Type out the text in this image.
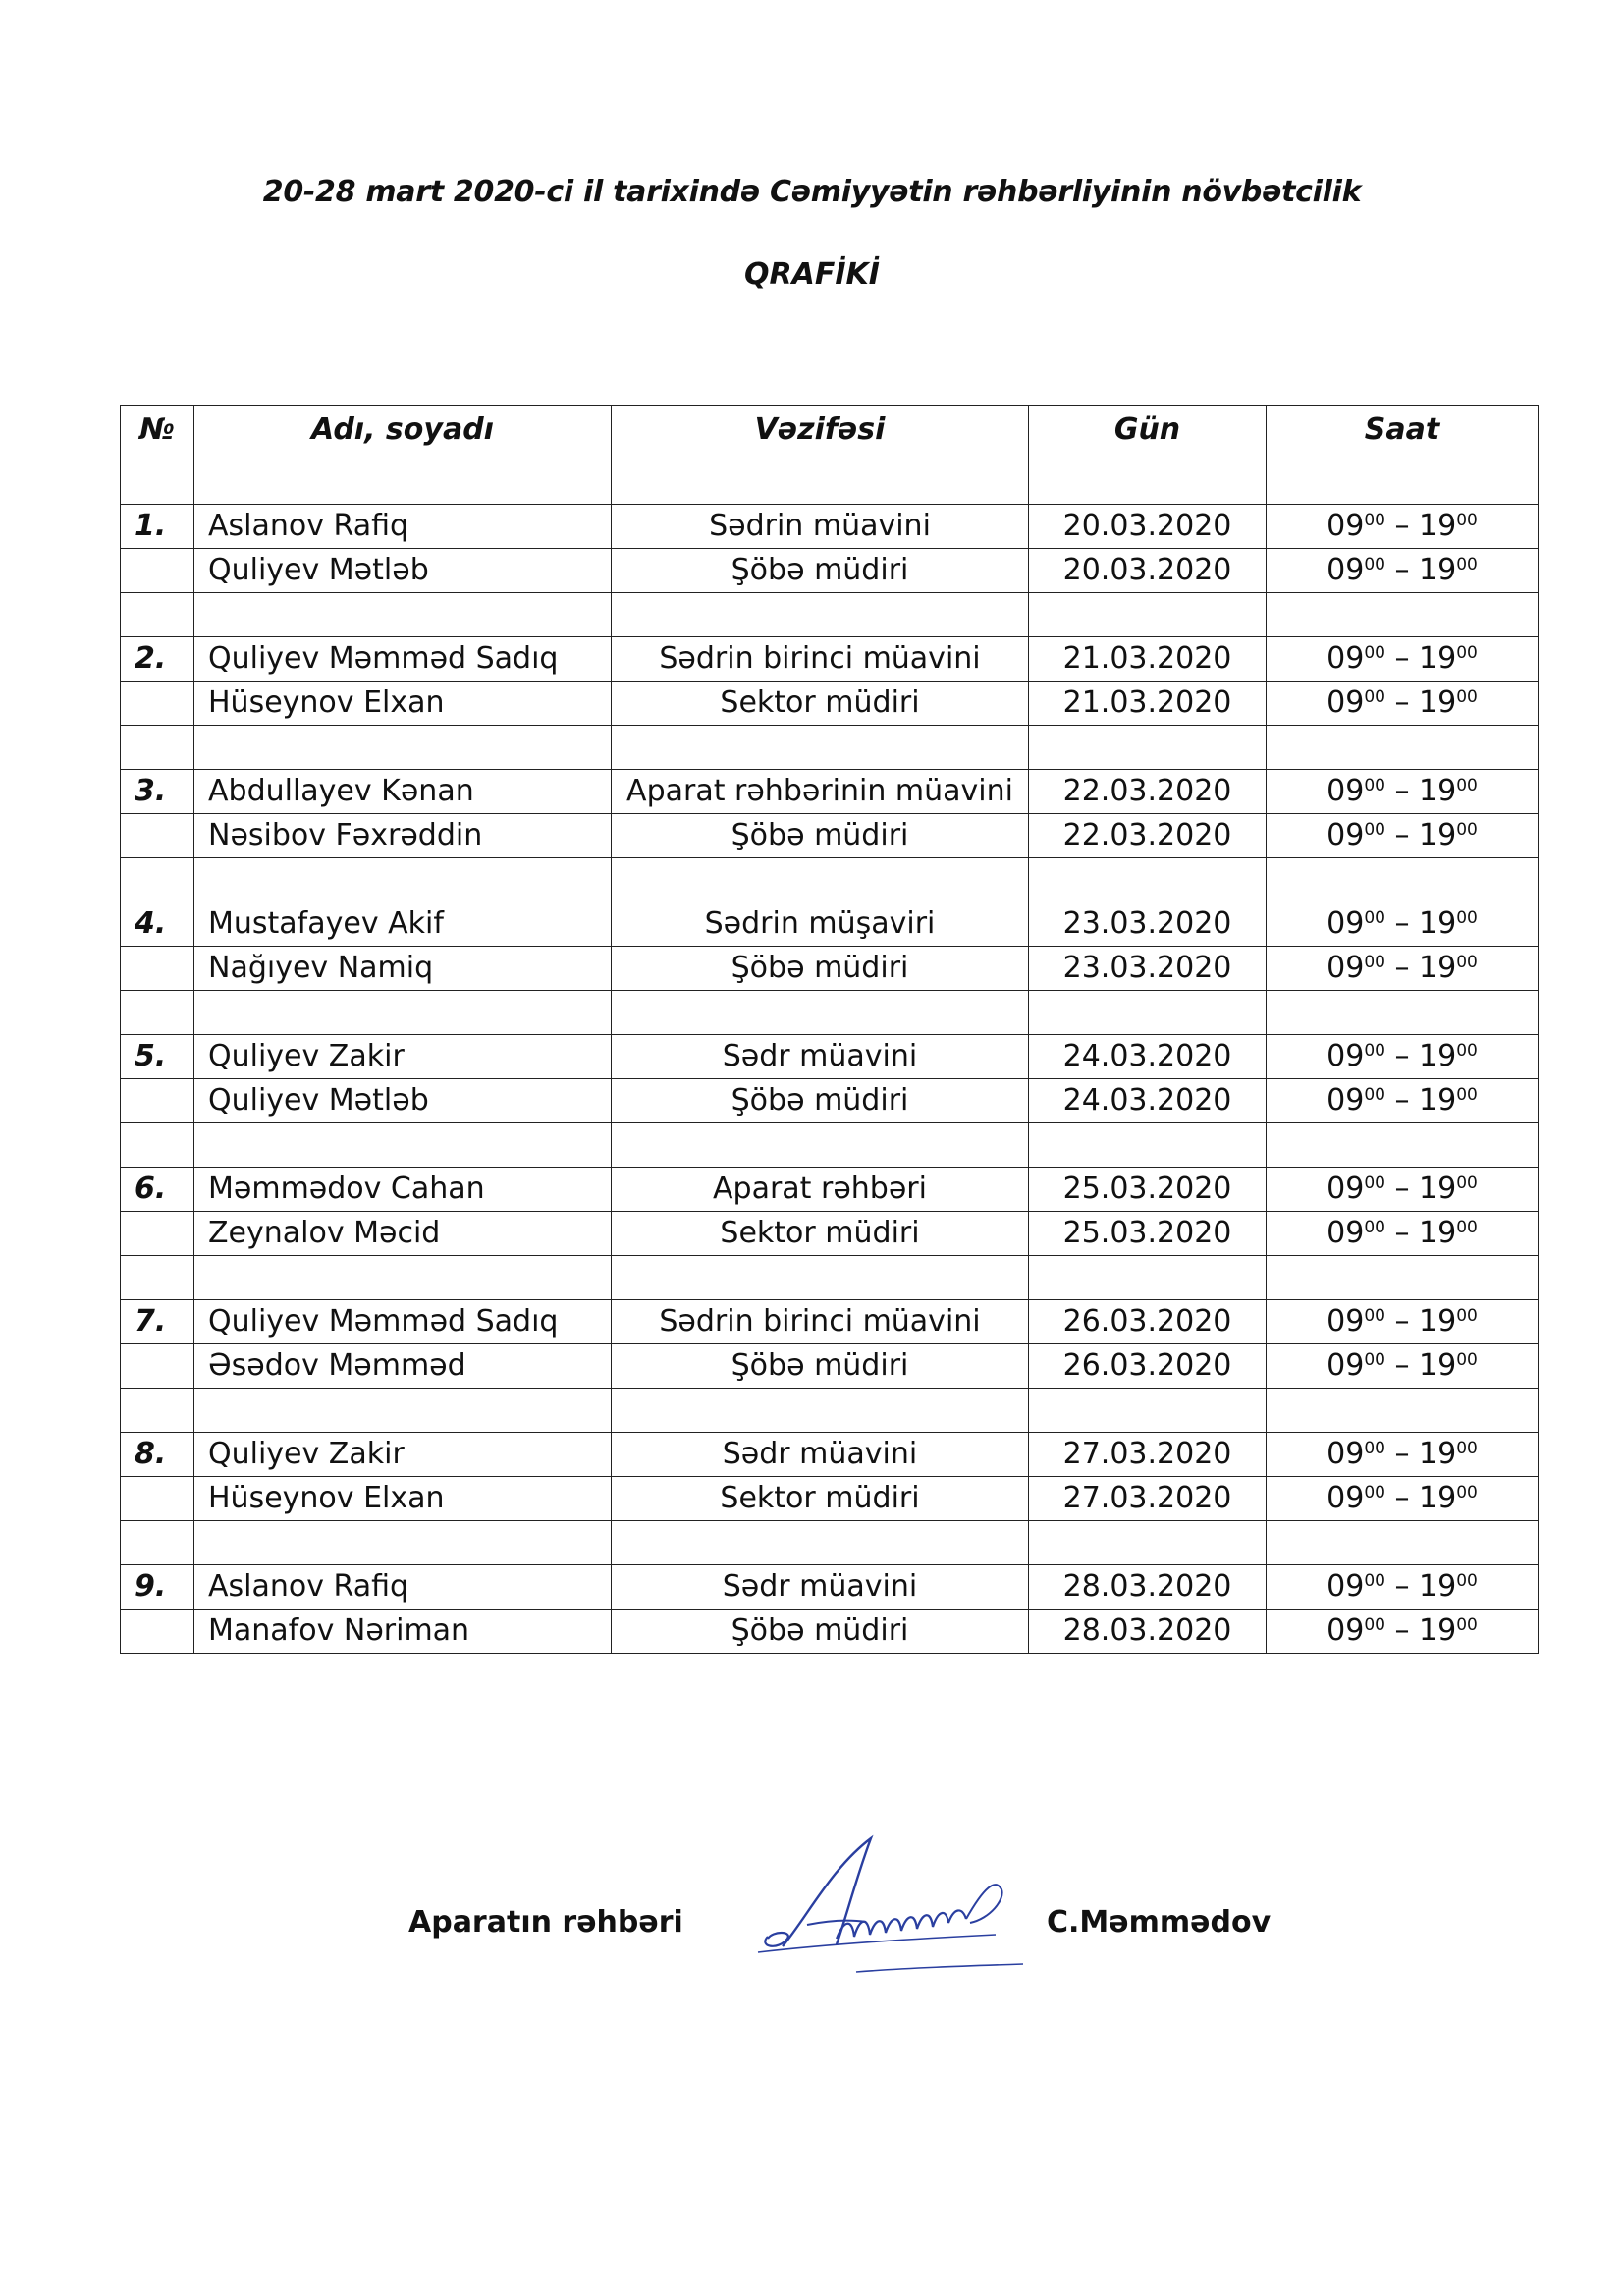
20-28 mart 2020-ci il tarixində Cəmiyyətin rəhbərliyinin növbətcilik
QRAFİKİ
№	Adı, soyadı	Vəzifəsi	Gün	Saat
1.	Aslanov Rafiq	Sədrin müavini	20.03.2020	$09^{00} - 19^{00}$
	Quliyev Mətləb	Şöbə müdiri	20.03.2020	$09^{00} - 19^{00}$

2.	Quliyev Məmməd Sadıq	Sədrin birinci müavini	21.03.2020	$09^{00} - 19^{00}$
	Hüseynov Elxan	Sektor müdiri	21.03.2020	$09^{00} - 19^{00}$

3.	Abdullayev Kənan	Aparat rəhbərinin müavini	22.03.2020	$09^{00} - 19^{00}$
	Nəsibov Fəxrəddin	Şöbə müdiri	22.03.2020	$09^{00} - 19^{00}$

4.	Mustafayev Akif	Sədrin müşaviri	23.03.2020	$09^{00} - 19^{00}$
	Nağıyev Namiq	Şöbə müdiri	23.03.2020	$09^{00} - 19^{00}$

5.	Quliyev Zakir	Sədr müavini	24.03.2020	$09^{00} - 19^{00}$
	Quliyev Mətləb	Şöbə müdiri	24.03.2020	$09^{00} - 19^{00}$

6.	Məmmədov Cahan	Aparat rəhbəri	25.03.2020	$09^{00} - 19^{00}$
	Zeynalov Məcid	Sektor müdiri	25.03.2020	$09^{00} - 19^{00}$

7.	Quliyev Məmməd Sadıq	Sədrin birinci müavini	26.03.2020	$09^{00} - 19^{00}$
	Əsədov Məmməd	Şöbə müdiri	26.03.2020	$09^{00} - 19^{00}$

8.	Quliyev Zakir	Sədr müavini	27.03.2020	$09^{00} - 19^{00}$
	Hüseynov Elxan	Sektor müdiri	27.03.2020	$09^{00} - 19^{00}$

9.	Aslanov Rafiq	Sədr müavini	28.03.2020	$09^{00} - 19^{00}$
	Manafov Nəriman	Şöbə müdiri	28.03.2020	$09^{00} - 19^{00}$
Aparatın rəhbəri	C.Məmmədov
